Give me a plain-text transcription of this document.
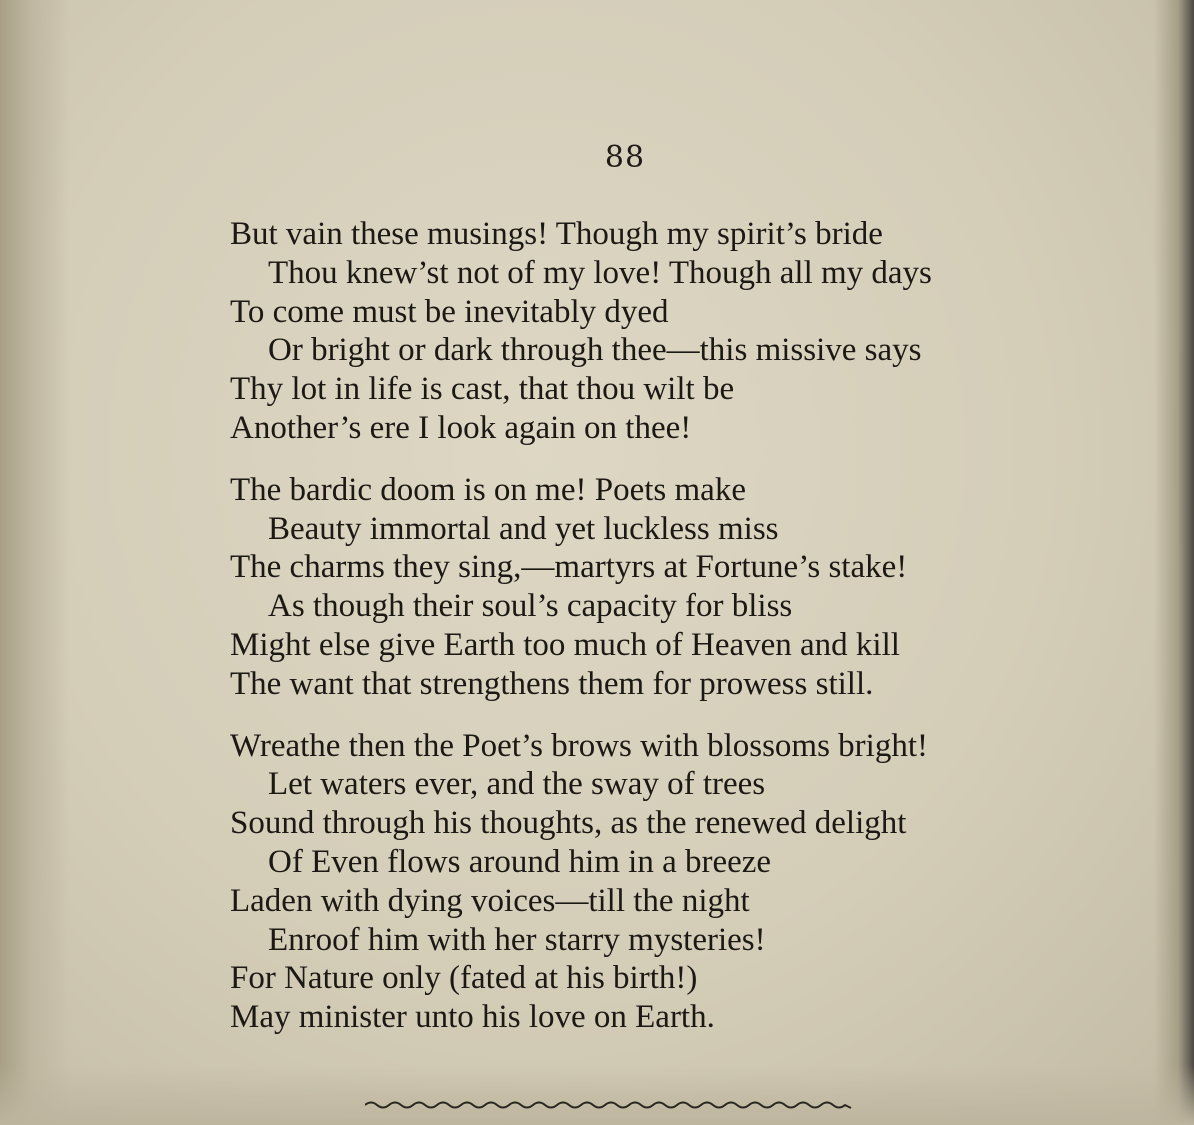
88
But vain these musings! Though my spirit’s bride
Thou knew’st not of my love! Though all my days
To come must be inevitably dyed
Or bright or dark through thee—this missive says
Thy lot in life is cast, that thou wilt be
Another’s ere I look again on thee!
The bardic doom is on me! Poets make
Beauty immortal and yet luckless miss
The charms they sing,—martyrs at Fortune’s stake!
As though their soul’s capacity for bliss
Might else give Earth too much of Heaven and kill
The want that strengthens them for prowess still.
Wreathe then the Poet’s brows with blossoms bright!
Let waters ever, and the sway of trees
Sound through his thoughts, as the renewed delight
Of Even flows around him in a breeze
Laden with dying voices—till the night
Enroof him with her starry mysteries!
For Nature only (fated at his birth!)
May minister unto his love on Earth.
